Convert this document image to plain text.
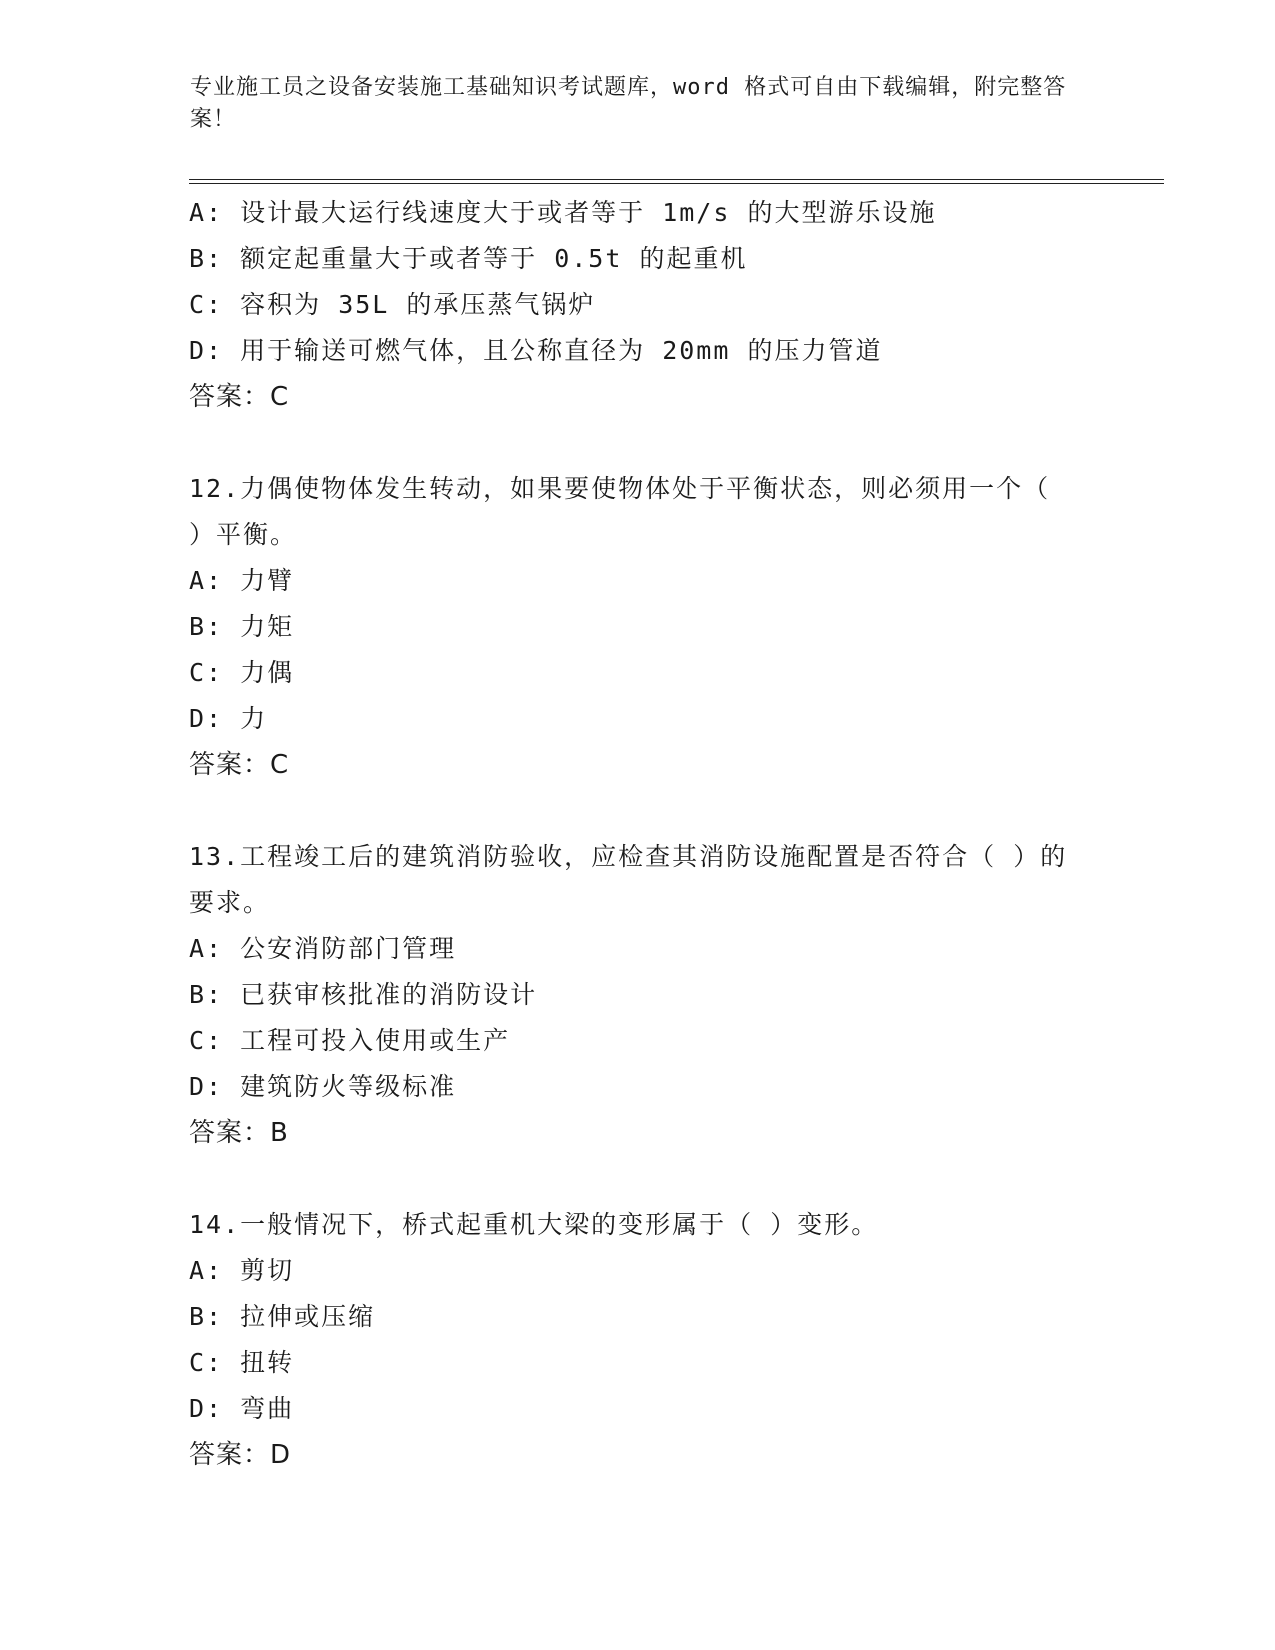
专业施工员之设备安装施工基础知识考试题库，word 格式可自由下载编辑，附完整答案！
A: 设计最大运行线速度大于或者等于 1m/s 的大型游乐设施
B: 额定起重量大于或者等于 0.5t 的起重机
C: 容积为 35L 的承压蒸气锅炉
D: 用于输送可燃气体，且公称直径为 20mm 的压力管道
答案：C
12.力偶使物体发生转动，如果要使物体处于平衡状态，则必须用一个（ ）平衡。
A: 力臂
B: 力矩
C: 力偶
D: 力
答案：C
13.工程竣工后的建筑消防验收，应检查其消防设施配置是否符合（ ）的要求。
A: 公安消防部门管理
B: 已获审核批准的消防设计
C: 工程可投入使用或生产
D: 建筑防火等级标准
答案：B
14.一般情况下，桥式起重机大梁的变形属于（ ）变形。
A: 剪切
B: 拉伸或压缩
C: 扭转
D: 弯曲
答案：D
